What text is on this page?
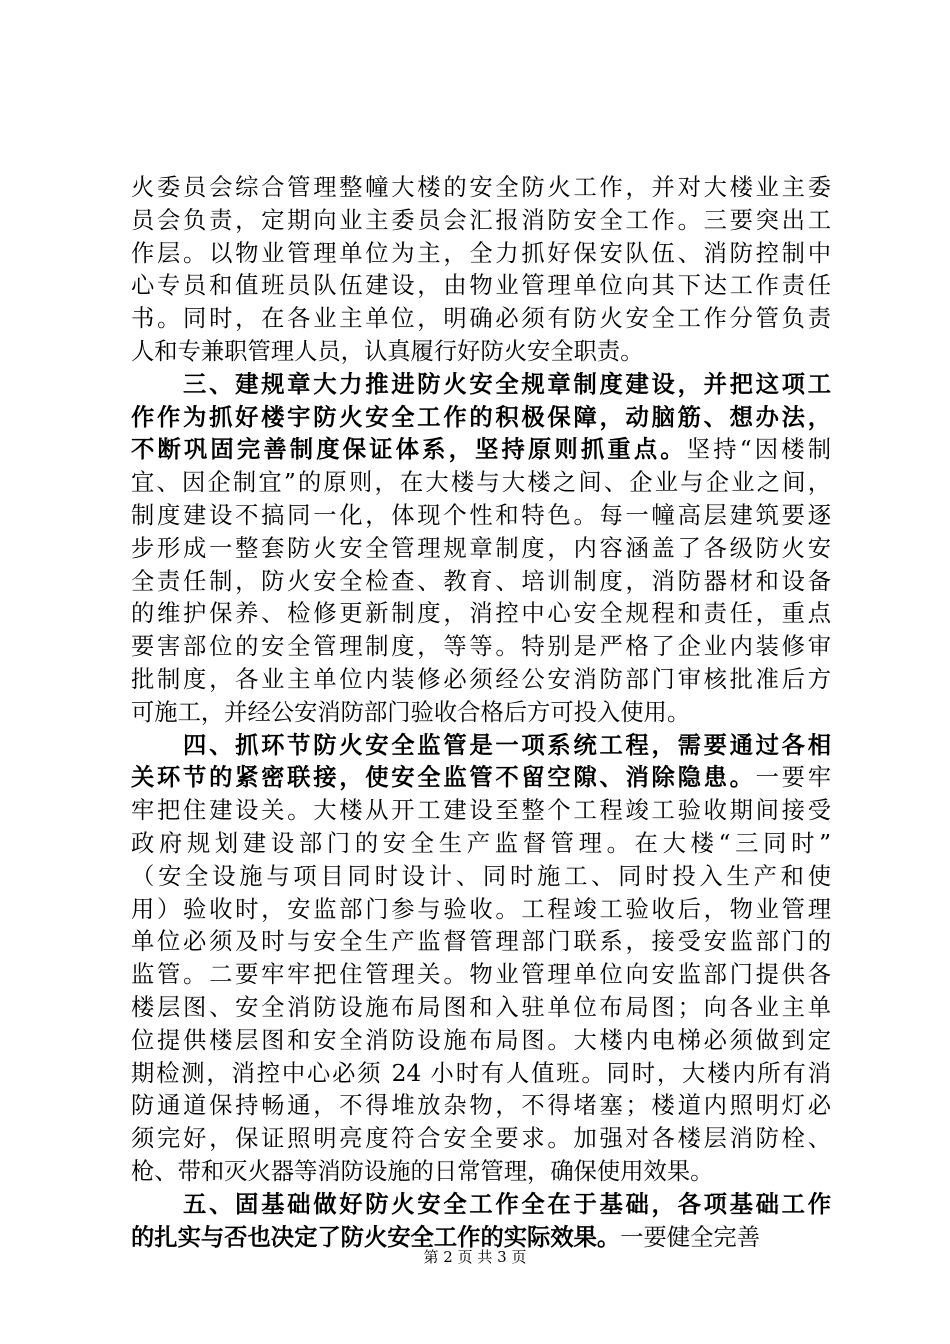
火委员会综合管理整幢大楼的安全防火工作，并对大楼业主委
员会负责，定期向业主委员会汇报消防安全工作。三要突出工
作层。以物业管理单位为主，全力抓好保安队伍、消防控制中
心专员和值班员队伍建设，由物业管理单位向其下达工作责任
书。同时，在各业主单位，明确必须有防火安全工作分管负责
人和专兼职管理人员，认真履行好防火安全职责。
　　三、建规章大力推进防火安全规章制度建设，并把这项工
作作为抓好楼宇防火安全工作的积极保障，动脑筋、想办法，
不断巩固完善制度保证体系，坚持原则抓重点。坚持“因楼制
宜、因企制宜”的原则，在大楼与大楼之间、企业与企业之间，
制度建设不搞同一化，体现个性和特色。每一幢高层建筑要逐
步形成一整套防火安全管理规章制度，内容涵盖了各级防火安
全责任制，防火安全检查、教育、培训制度，消防器材和设备
的维护保养、检修更新制度，消控中心安全规程和责任，重点
要害部位的安全管理制度，等等。特别是严格了企业内装修审
批制度，各业主单位内装修必须经公安消防部门审核批准后方
可施工，并经公安消防部门验收合格后方可投入使用。
　　四、抓环节防火安全监管是一项系统工程，需要通过各相
关环节的紧密联接，使安全监管不留空隙、消除隐患。一要牢
牢把住建设关。大楼从开工建设至整个工程竣工验收期间接受
政府规划建设部门的安全生产监督管理。在大楼“三同时”
（安全设施与项目同时设计、同时施工、同时投入生产和使
用）验收时，安监部门参与验收。工程竣工验收后，物业管理
单位必须及时与安全生产监督管理部门联系，接受安监部门的
监管。二要牢牢把住管理关。物业管理单位向安监部门提供各
楼层图、安全消防设施布局图和入驻单位布局图；向各业主单
位提供楼层图和安全消防设施布局图。大楼内电梯必须做到定
期检测，消控中心必须 24 小时有人值班。同时，大楼内所有消
防通道保持畅通，不得堆放杂物，不得堵塞；楼道内照明灯必
须完好，保证照明亮度符合安全要求。加强对各楼层消防栓、
枪、带和灭火器等消防设施的日常管理，确保使用效果。
　　五、固基础做好防火安全工作全在于基础，各项基础工作
的扎实与否也决定了防火安全工作的实际效果。一要健全完善
第 2 页 共 3 页
